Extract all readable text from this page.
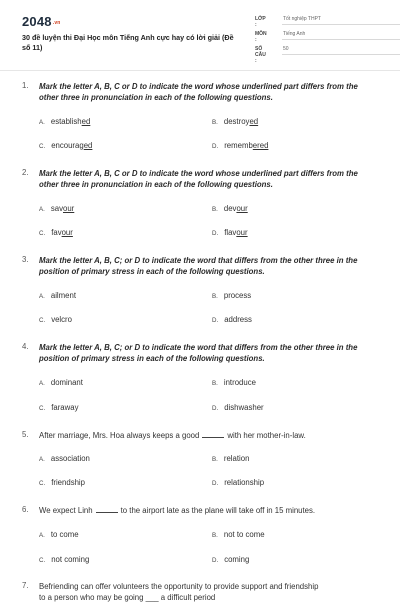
2048.vn
30 đề luyện thi Đại Học môn Tiếng Anh cực hay có lời giải (Đề số 11)
LỚP :
Tốt nghiệp THPT
MÔN :
Tiếng Anh
SỐ CÂU :
50
1. Mark the letter A, B, C or D to indicate the word whose underlined part differs from the other three in pronunciation in each of the following questions.
A. established	B. destroyed
C. encouraged	D. remembered
2. Mark the letter A, B, C or D to indicate the word whose underlined part differs from the other three in pronunciation in each of the following questions.
A. savour	B. devour
C. favour	D. flavour
3. Mark the letter A, B, C; or D to indicate the word that differs from the other three in the position of primary stress in each of the following questions.
A. ailment	B. process
C. velcro	D. address
4. Mark the letter A, B, C; or D to indicate the word that differs from the other three in the position of primary stress in each of the following questions.
A. dominant	B. introduce
C. faraway	D. dishwasher
5. After marriage, Mrs. Hoa always keeps a good	with her mother-in-law.
A. association	B. relation
C. friendship	D. relationship
6. We expect Linh	to the airport late as the plane will take off in 15 minutes.
A. to come	B. not to come
C. not coming	D. coming
7. Befriending can offer volunteers the opportunity to provide support and friendship
to a person who may be going ___ a difficult period
